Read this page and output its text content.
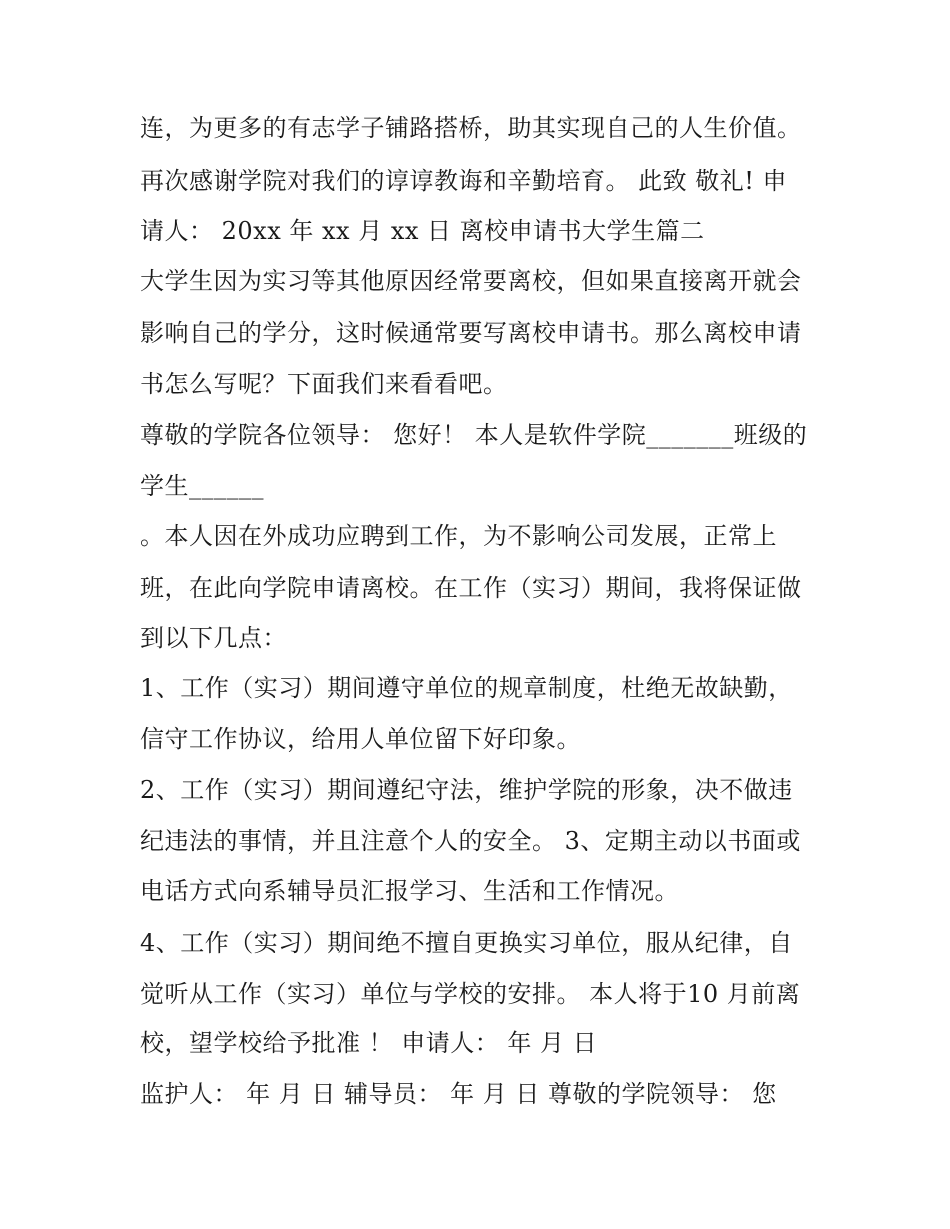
连，为更多的有志学子铺路搭桥，助其实现自己的人生价值。
再次感谢学院对我们的谆谆教诲和辛勤培育。 此致 敬礼! 申
请人： 20xx 年 xx 月 xx 日 离校申请书大学生篇二
大学生因为实习等其他原因经常要离校，但如果直接离开就会
影响自己的学分，这时候通常要写离校申请书。那么离校申请
书怎么写呢？下面我们来看看吧。
尊敬的学院各位领导： 您好！ 本人是软件学院_______班级的
学生______
。本人因在外成功应聘到工作，为不影响公司发展，正常上
班，在此向学院申请离校。在工作（实习）期间，我将保证做
到以下几点：
1、工作（实习）期间遵守单位的规章制度，杜绝无故缺勤，
信守工作协议，给用人单位留下好印象。
2、工作（实习）期间遵纪守法，维护学院的形象，决不做违
纪违法的事情，并且注意个人的安全。 3、定期主动以书面或
电话方式向系辅导员汇报学习、生活和工作情况。
4、工作（实习）期间绝不擅自更换实习单位，服从纪律，自
觉听从工作（实习）单位与学校的安排。 本人将于10 月前离
校，望学校给予批准 ！ 申请人： 年 月 日
监护人： 年 月 日 辅导员： 年 月 日 尊敬的学院领导： 您
